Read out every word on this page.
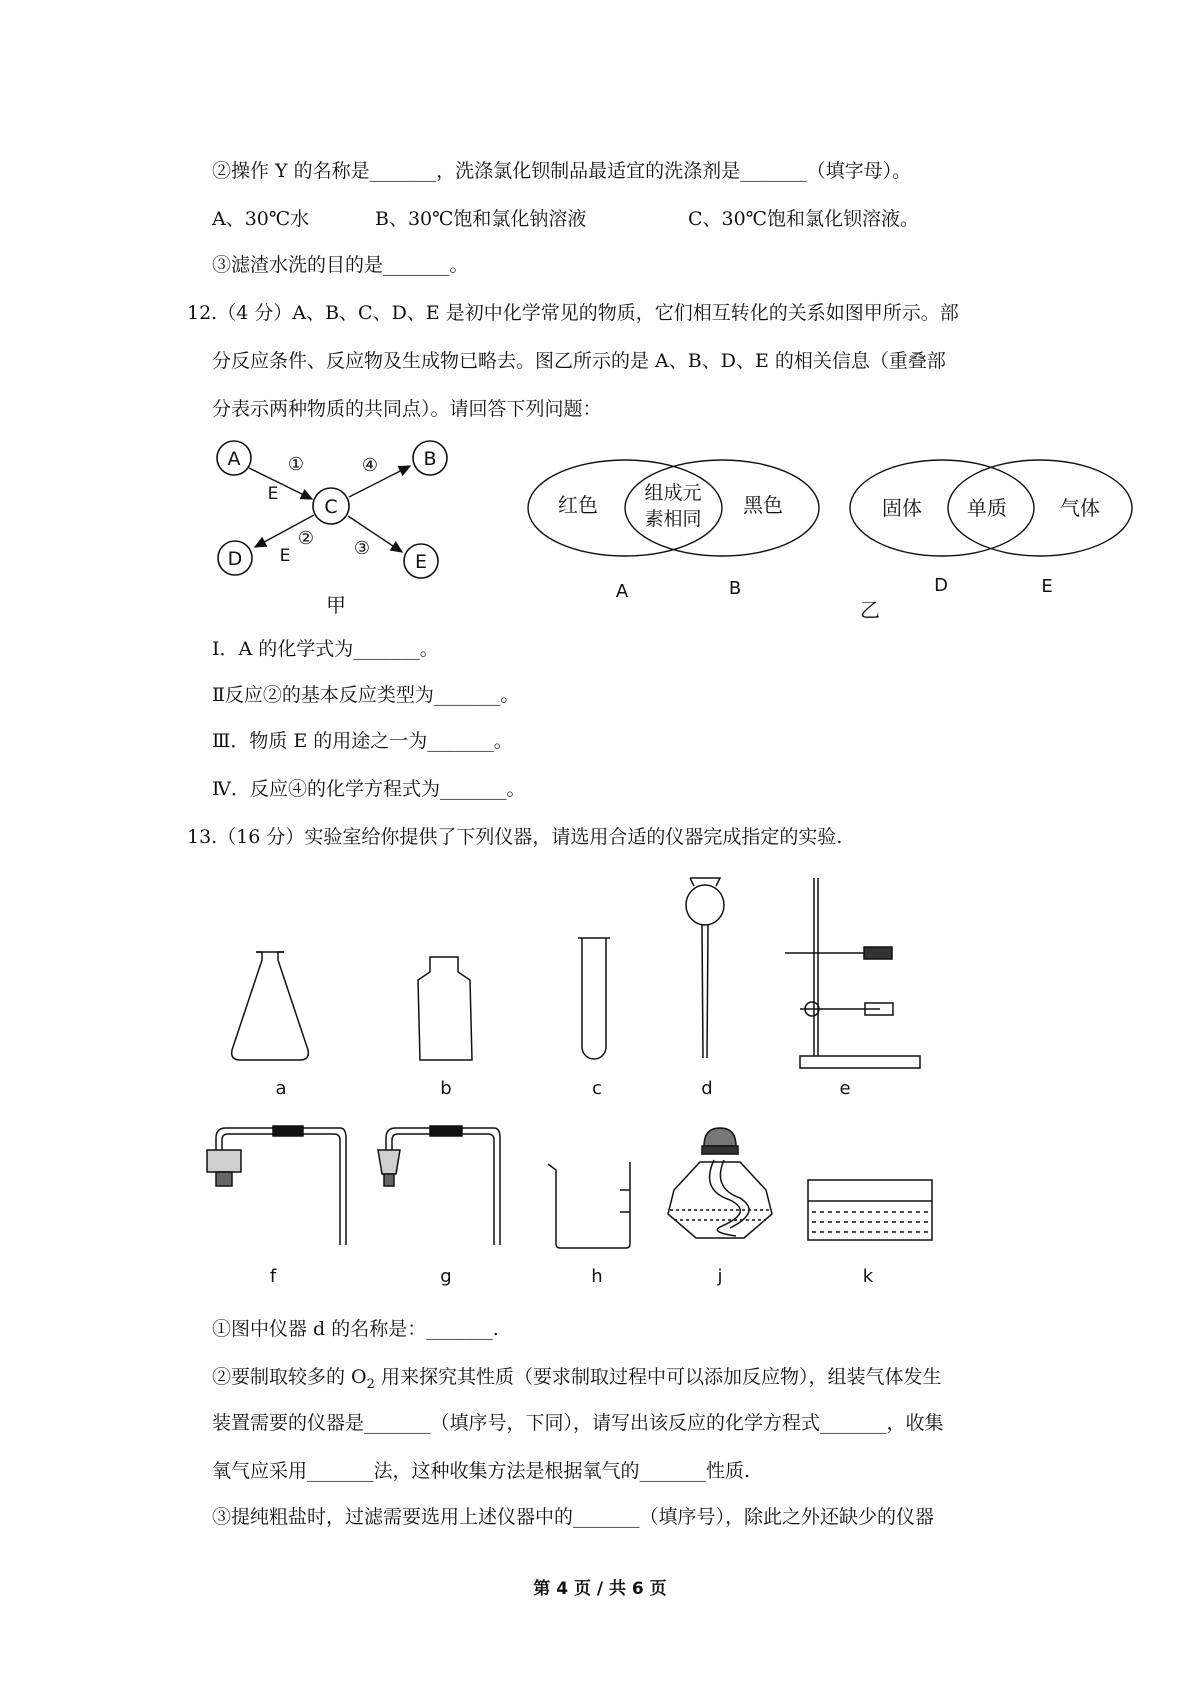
②操作 Y 的名称是_______，洗涤氯化钡制品最适宜的洗涤剂是_______（填字母）。
A、30℃水	B、30℃饱和氯化钠溶液	C、30℃饱和氯化钡溶液。
③滤渣水洗的目的是_______。
12.（4 分）A、B、C、D、E 是初中化学常见的物质，它们相互转化的关系如图甲所示。部
分反应条件、反应物及生成物已略去。图乙所示的是 A、B、D、E 的相关信息（重叠部
分表示两种物质的共同点）。请回答下列问题：
A	B
C
D	E
①
② ③
④
E
E
甲
红色 组成元
素相同
黑色
A	B
固体 单质	气体
D	E
乙
a	b	c	d	e
f	g	h	j	k
Ⅰ．A 的化学式为_______。
Ⅱ反应②的基本反应类型为_______。
Ⅲ．物质 E 的用途之一为_______。
Ⅳ．反应④的化学方程式为_______。
13.（16 分）实验室给你提供了下列仪器，请选用合适的仪器完成指定的实验.
①图中仪器 d 的名称是：_______.
②要制取较多的 $O_2$ 用来探究其性质（要求制取过程中可以添加反应物），组装气体发生
装置需要的仪器是_______（填序号，下同），请写出该反应的化学方程式_______，收集
氧气应采用_______法，这种收集方法是根据氧气的_______性质.
③提纯粗盐时，过滤需要选用上述仪器中的_______（填序号），除此之外还缺少的仪器
第 4 页 / 共 6 页
